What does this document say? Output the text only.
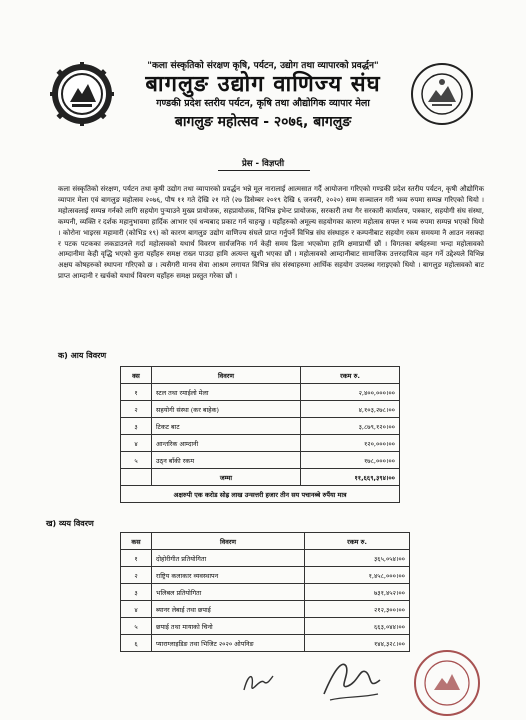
"कला संस्कृतिको संरक्षण कृषि, पर्यटन, उद्योग तथा व्यापारको प्रवर्द्धन"
बागलुङ उद्योग वाणिज्य संघ
गण्डकी प्रदेश स्तरीय पर्यटन, कृषि तथा औद्योगिक व्यापार मेला
बागलुङ महोत्सव - २०७६, बागलुङ
प्रेस - विज्ञप्ती
कला संस्कृतिको संरक्षण, पर्यटन तथा कृषी उद्योग तथा व्यापारको प्रवर्द्धन भन्ने मूल नारालाई आत्मसात गर्दै आयोजना गरिएको गण्डकी प्रदेश स्तरीय पर्यटन, कृषी औद्योगिक व्यापार मेला एवं बागलुङ महोत्सव २०७६, पौष ११ गते देखि २१ गते (२७ डिसेम्बर २०१९ देखि ६ जनवरी, २०२०) सम्म सञ्चालन गरी भव्य रुपमा सम्पन्न गरिएको थियो । महोत्सवलाई सम्पन्न गर्नको लागि सहयोग पुऱ्याउने मुख्य प्रायोजक, सहप्रायोजक, विभिन्न इभेन्ट प्रायोजक, सरकारी तथा गैर सरकारी कार्यालय, पत्रकार, सहयोगी संघ संस्था, कम्पनी, व्यक्ति र दर्शक महानुभावमा हार्दिक आभार एवं धन्यबाद प्रकाट गर्न चाहन्छु । यहाँहरुको अमूल्य सहयोगका कारण महोत्सव सफ्ल र भव्य रुपमा सम्पन्न भएको थियो । कोरोना भाइरस महामारी (कोभिड १९) को कारण बागलुङ उद्योग वाणिज्य संघले प्राप्त गर्नुपर्ने विभिन्न संघ संस्थाहरु र कम्पनीबाट सहयोग रकम समयमा नै आउन नसक्दा र पटक पटकका लकडाउनले गर्दा महोत्सवको यथार्थ विवरण सार्वजनिक गर्न केही समय ढिला भएकोमा हामि क्षमाप्रार्थी छौं । विगतका बर्षहरुमा भन्दा महोत्सवको आम्दानीमा केही वृद्धि भएको कुरा यहाँहरु समक्ष राख्न पाउदा हामि अत्यन्त खुशी भएका छौं । महोत्सवको आम्दानीबाट सामाजिक उत्तरदायित्व वहन गर्ने उद्देश्यले विभिन्न अक्षय कोषहरुको स्थापना गरिएको छ । त्यसैगरी मानव सेवा आश्रम लगायत विभिन्न संघ संस्थाहरुमा आर्थिक सहयोग उपलब्ध गराइएको थियो । बागलुङ महोत्सवको बाट प्राप्त आम्दानी र खर्चको यथार्थ विवरण यहाँहरु समक्ष प्रस्तुत गरेका छौं ।
क) आय विवरण
क्स	विवरण	रकम रु.
१	स्टल तथा रमाईलो मेला	२,४००,०००।००
२	सहयोगी संस्था (कर बाहेक)	४,१०३,२७८।००
३	टिकट बाट	३,८७९,१२०।००
४	आन्तरिक आम्दानी	१२०,०००।००
५	उठ्न बाँकी रकम	१७८,०००।००
	जम्मा	११,६६९,३९४।००
अक्षरुपी एक करोड सोह्र लाख उन्सत्तरी हजार तीन सय पचानब्बे रुपैंया मात्र		
ख) व्यय विवरण
कस	विवरण	रकम रु.
१	दोहोरीगीत प्रतियोगिता	३६५,०५४।००
२	राष्ट्रिय कलाकार व्यवस्थापन	१,४५८,०००।००
३	भलिबल प्रतियोगिता	७३१,४५२।००
४	ब्यानर लेबाई तथा छपाई	२१२,३००।००
५	छपाई तथा मायाको चिनो	६६३,०४४।००
६	प्याराग्लाइडिङ तथा भिजिट २०२० ओपनिङ	१४४,३२८।००
